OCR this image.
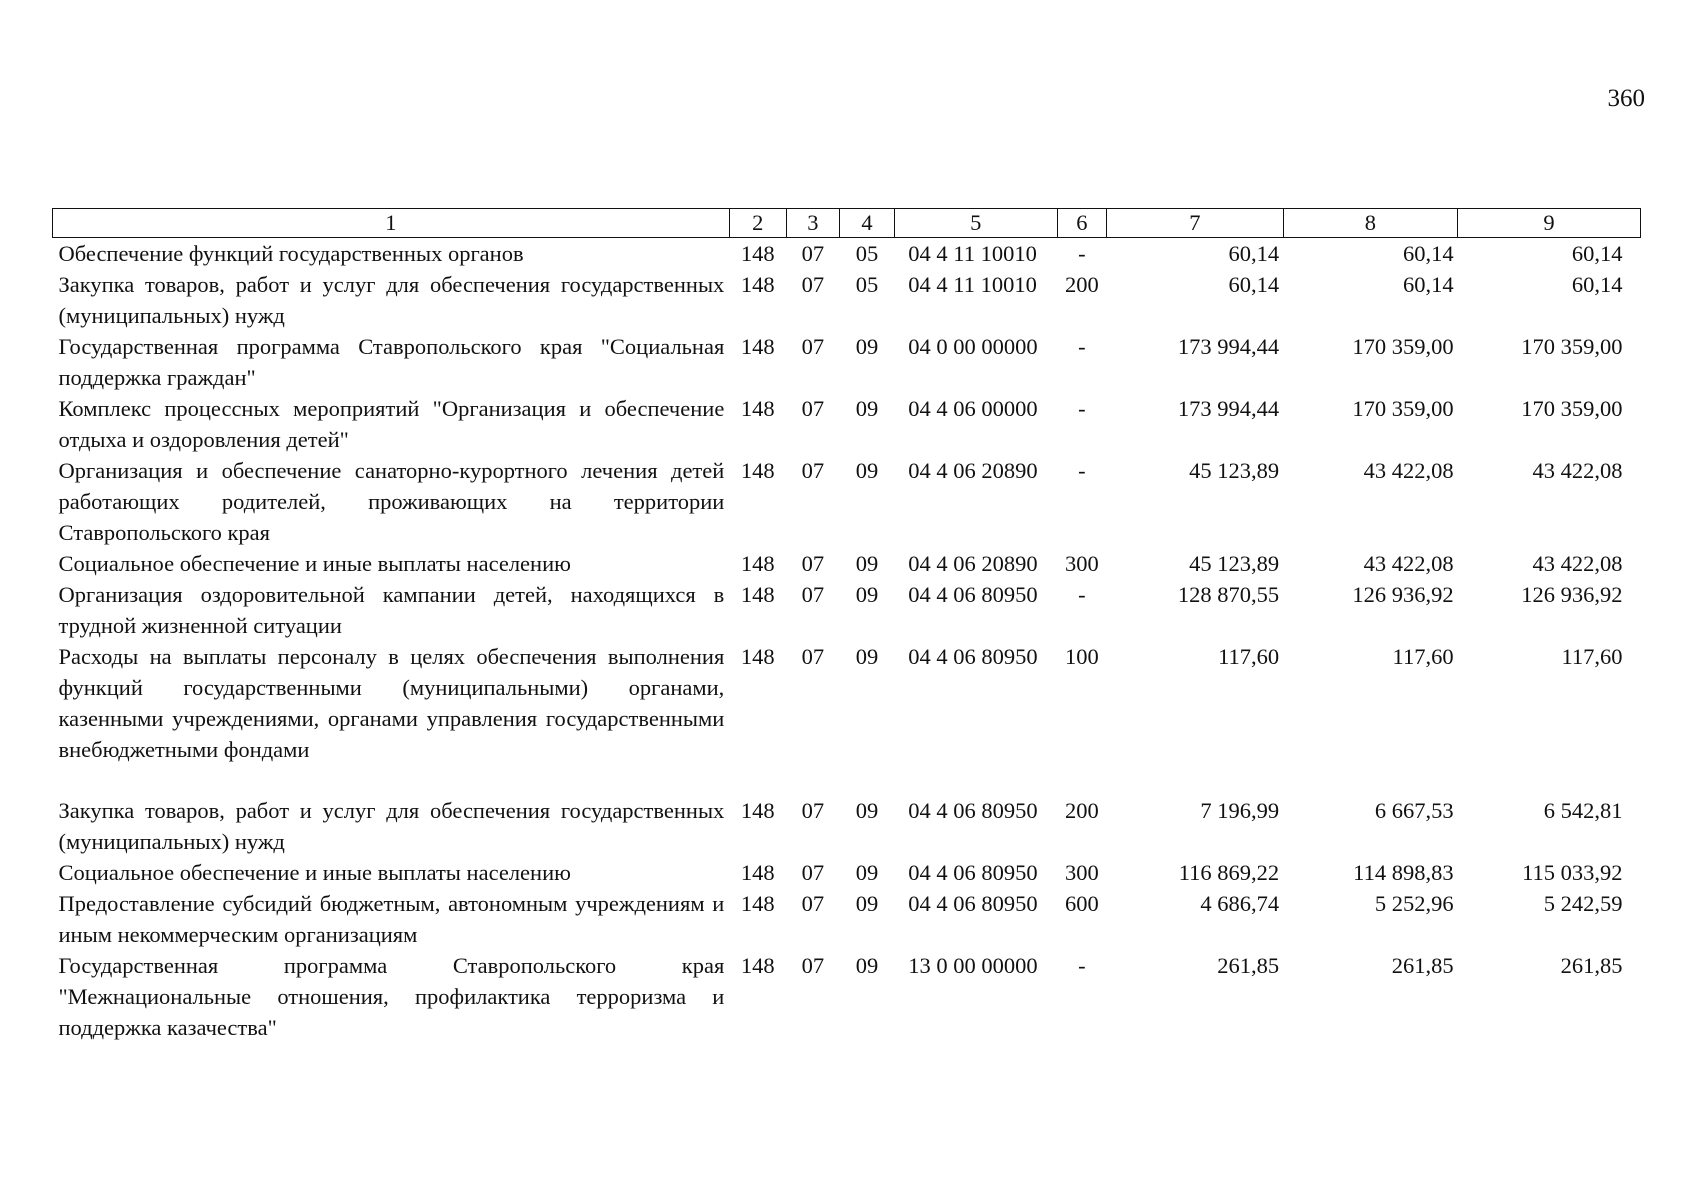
360
1	2	3	4	5	6	7	8	9
Обеспечение функций государственных органов	148	07	05	04 4 11 10010	-	60,14	60,14	60,14
Закупка товаров, работ и услуг для обеспечения государственных (муниципальных) нужд	148	07	05	04 4 11 10010	200	60,14	60,14	60,14
Государственная программа Ставропольского края "Социальная поддержка граждан"	148	07	09	04 0 00 00000	-	173 994,44	170 359,00	170 359,00
Комплекс процессных мероприятий "Организация и обеспечение отдыха и оздоровления детей"	148	07	09	04 4 06 00000	-	173 994,44	170 359,00	170 359,00
Организация и обеспечение санаторно-курортного лечения детей работающих родителей, проживающих на территории Ставропольского края	148	07	09	04 4 06 20890	-	45 123,89	43 422,08	43 422,08
Социальное обеспечение и иные выплаты населению	148	07	09	04 4 06 20890	300	45 123,89	43 422,08	43 422,08
Организация оздоровительной кампании детей, находящихся в трудной жизненной ситуации	148	07	09	04 4 06 80950	-	128 870,55	126 936,92	126 936,92
Расходы на выплаты персоналу в целях обеспечения выполнения функций государственными (муниципальными) органами, казенными учреждениями, органами управления государственными внебюджетными фондами	148	07	09	04 4 06 80950	100	117,60	117,60	117,60

Закупка товаров, работ и услуг для обеспечения государственных (муниципальных) нужд	148	07	09	04 4 06 80950	200	7 196,99	6 667,53	6 542,81
Социальное обеспечение и иные выплаты населению	148	07	09	04 4 06 80950	300	116 869,22	114 898,83	115 033,92
Предоставление субсидий бюджетным, автономным учреждениям и иным некоммерческим организациям	148	07	09	04 4 06 80950	600	4 686,74	5 252,96	5 242,59
Государственная программа Ставропольского края "Межнациональные отношения, профилактика терроризма и поддержка казачества"	148	07	09	13 0 00 00000	-	261,85	261,85	261,85
